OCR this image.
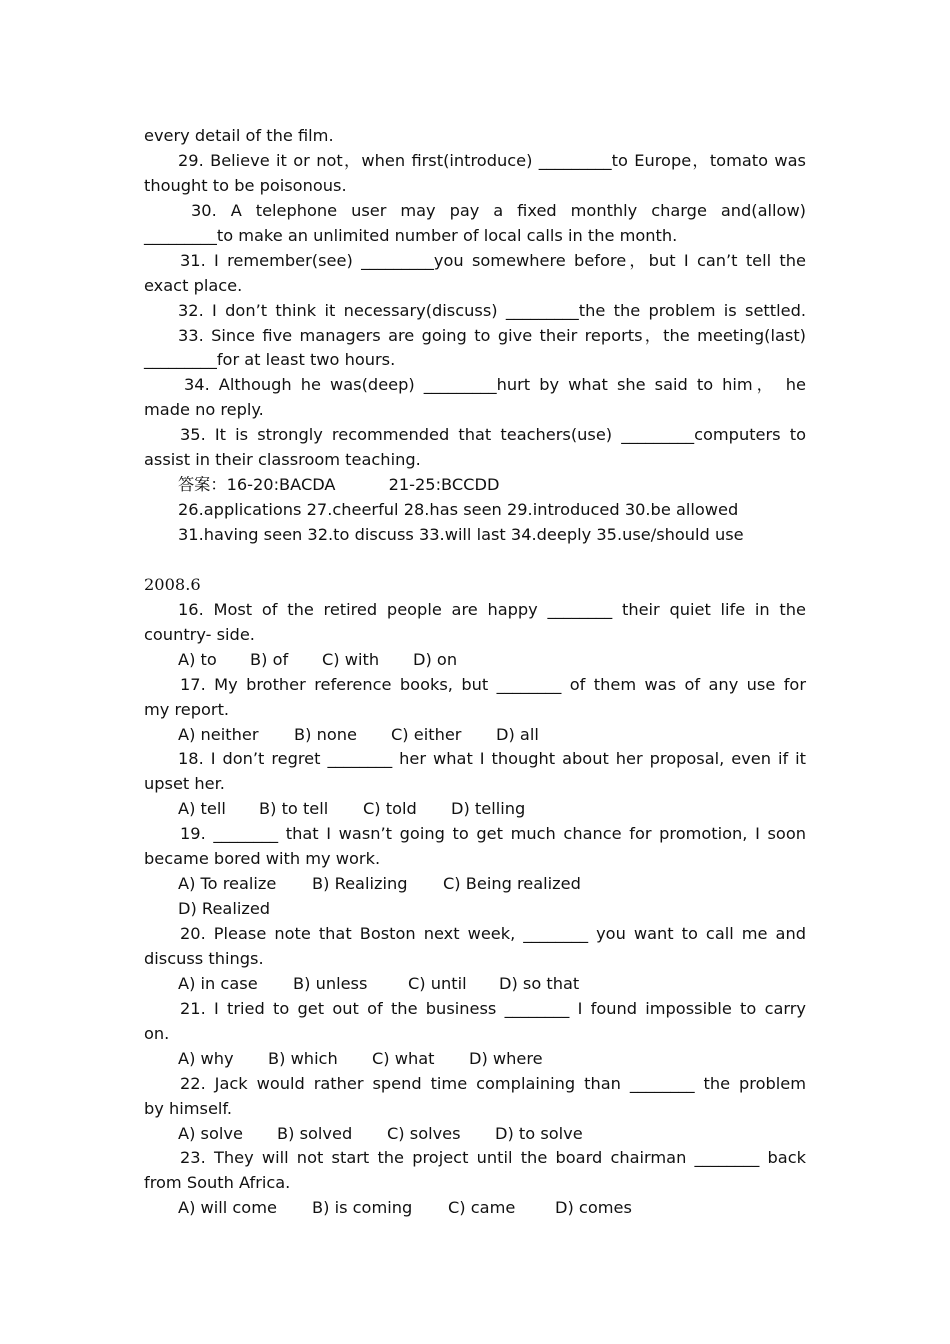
every detail of the film.
29. Believe it or not，when first(introduce) _________to Europe，tomato was
thought to be poisonous.
30. A telephone user may pay a fixed monthly charge and(allow)
_________to make an unlimited number of local calls in the month.
31. I remember(see) _________you somewhere before，but I can’t tell the
exact place.
32. I don’t think it necessary(discuss) _________the the problem is settled.
33. Since five managers are going to give their reports，the meeting(last)
_________for at least two hours.
34. Although he was(deep) _________hurt by what she said to him， he
made no reply.
35. It is strongly recommended that teachers(use) _________computers to
assist in their classroom teaching.
答案：16-20:BACDA	21-25:BCCDD
26.applications 27.cheerful 28.has seen 29.introduced 30.be allowed
31.having seen 32.to discuss 33.will last 34.deeply 35.use/should use
2008.6
16. Most of the retired people are happy ________ their quiet life in the
country- side.
A) to B) of C) with D) on
17. My brother reference books, but ________ of them was of any use for
my report.
A) neither B) none C) either D) all
18. I don’t regret ________ her what I thought about her proposal, even if it
upset her.
A) tell B) to tell C) told D) telling
19. ________ that I wasn’t going to get much chance for promotion, I soon
became bored with my work.
A) To realize B) Realizing C) Being realized
D) Realized
20. Please note that Boston next week, ________ you want to call me and
discuss things.
A) in case B) unless	C) until D) so that
21. I tried to get out of the business ________ I found impossible to carry
on.
A) why B) which C) what D) where
22. Jack would rather spend time complaining than ________ the problem
by himself.
A) solve B) solved C) solves D) to solve
23. They will not start the project until the board chairman ________ back
from South Africa.
A) will come B) is coming C) came D) comes
